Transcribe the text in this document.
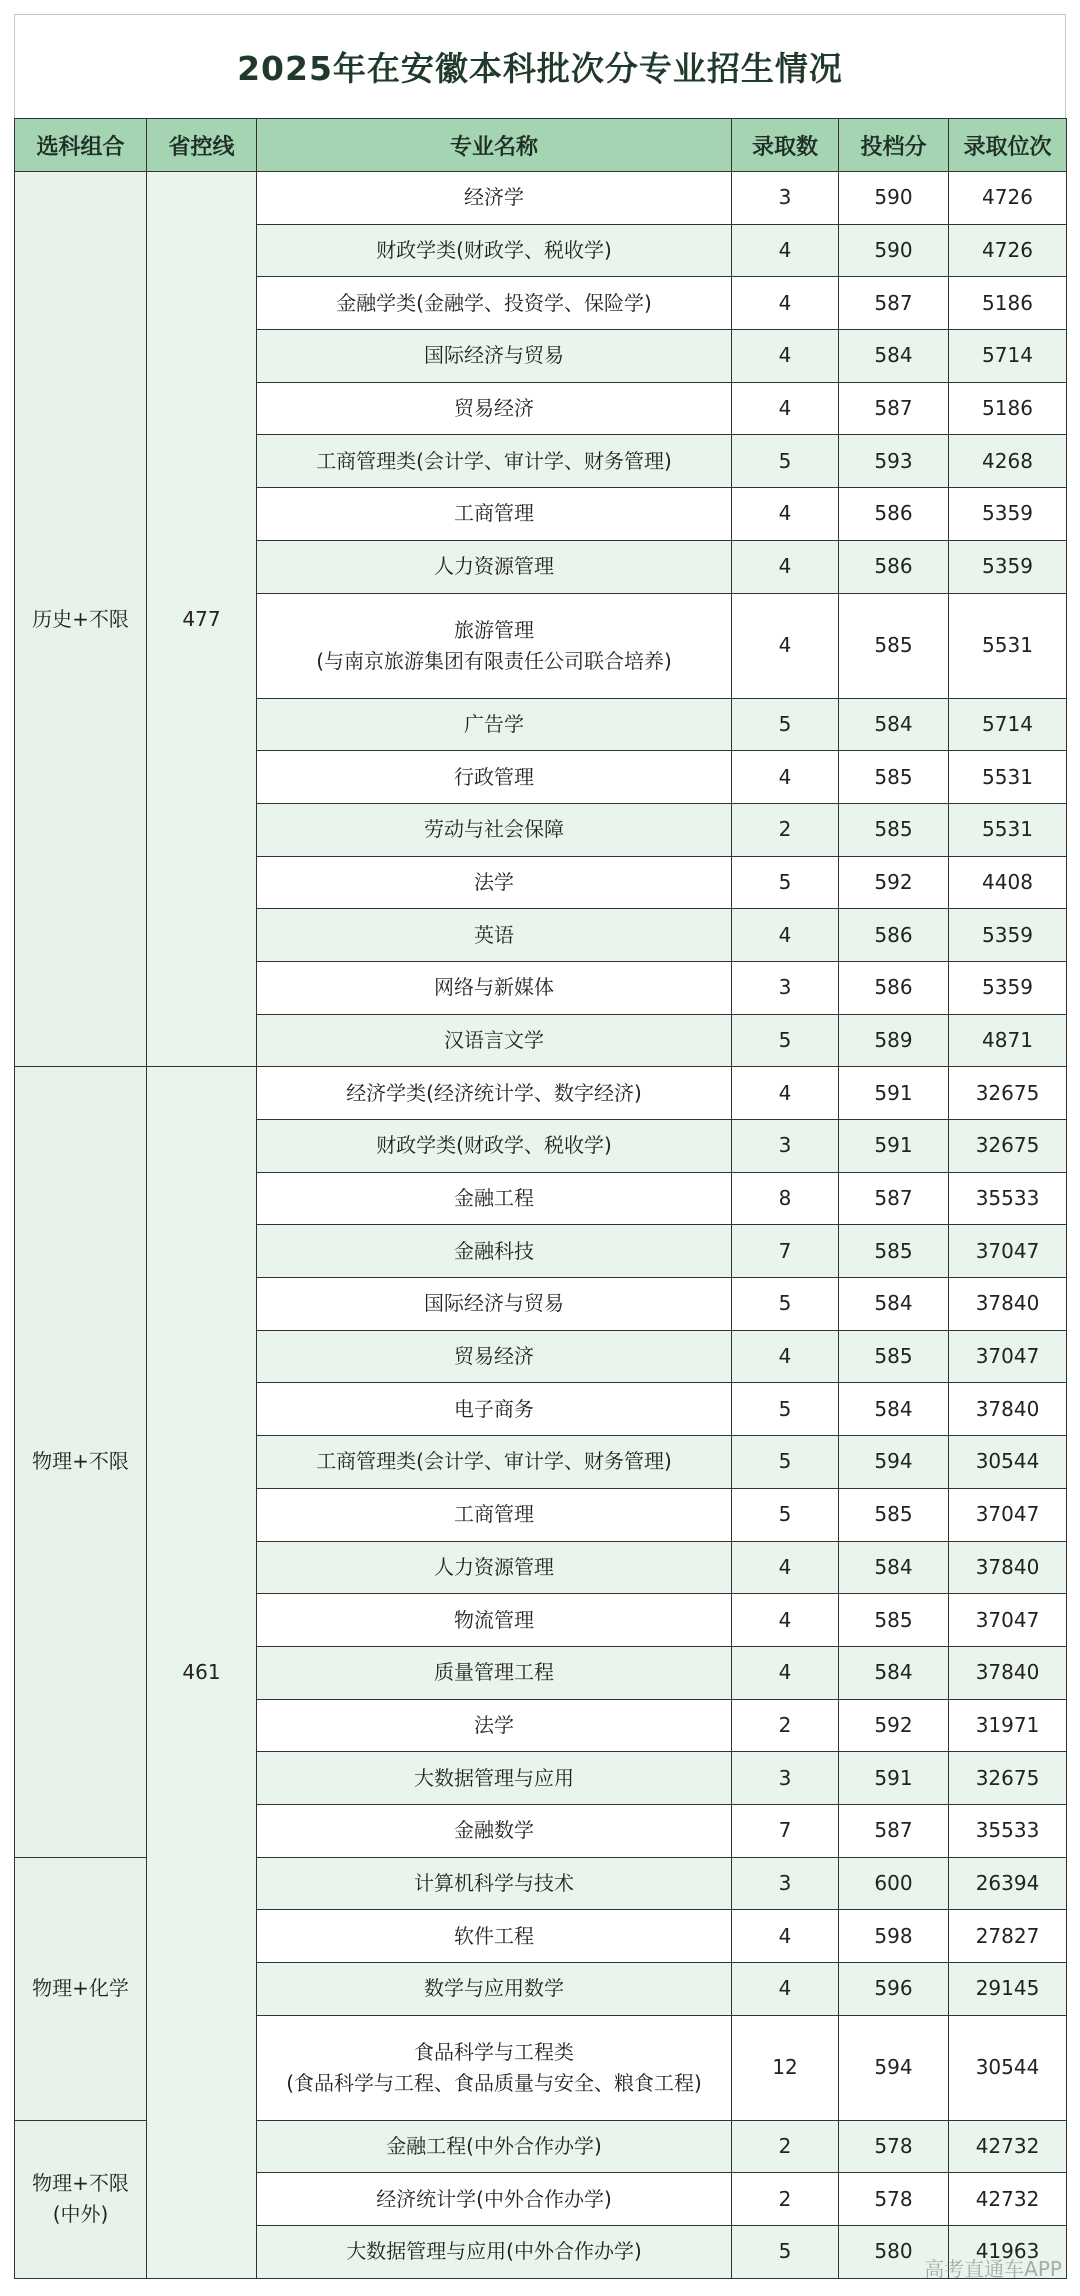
2025年在安徽本科批次分专业招生情况
选科组合	省控线	专业名称	录取数	投档分	录取位次
历史+不限	477	经济学	3	590	4726
		财政学类(财政学、税收学)	4	590	4726
		金融学类(金融学、投资学、保险学)	4	587	5186
		国际经济与贸易	4	584	5714
		贸易经济	4	587	5186
		工商管理类(会计学、审计学、财务管理)	5	593	4268
		工商管理	4	586	5359
		人力资源管理	4	586	5359
		旅游管理
(与南京旅游集团有限责任公司联合培养)	4	585	5531
		广告学	5	584	5714
		行政管理	4	585	5531
		劳动与社会保障	2	585	5531
		法学	5	592	4408
		英语	4	586	5359
		网络与新媒体	3	586	5359
		汉语言文学	5	589	4871
物理+不限	461	经济学类(经济统计学、数字经济)	4	591	32675
		财政学类(财政学、税收学)	3	591	32675
		金融工程	8	587	35533
		金融科技	7	585	37047
		国际经济与贸易	5	584	37840
		贸易经济	4	585	37047
		电子商务	5	584	37840
		工商管理类(会计学、审计学、财务管理)	5	594	30544
		工商管理	5	585	37047
		人力资源管理	4	584	37840
		物流管理	4	585	37047
		质量管理工程	4	584	37840
		法学	2	592	31971
		大数据管理与应用	3	591	32675
		金融数学	7	587	35533
物理+化学		计算机科学与技术	3	600	26394
		软件工程	4	598	27827
		数学与应用数学	4	596	29145
		食品科学与工程类
(食品科学与工程、食品质量与安全、粮食工程)	12	594	30544
物理+不限
(中外)		金融工程(中外合作办学)	2	578	42732
		经济统计学(中外合作办学)	2	578	42732
		大数据管理与应用(中外合作办学)	5	580	41963
高考直通车APP
